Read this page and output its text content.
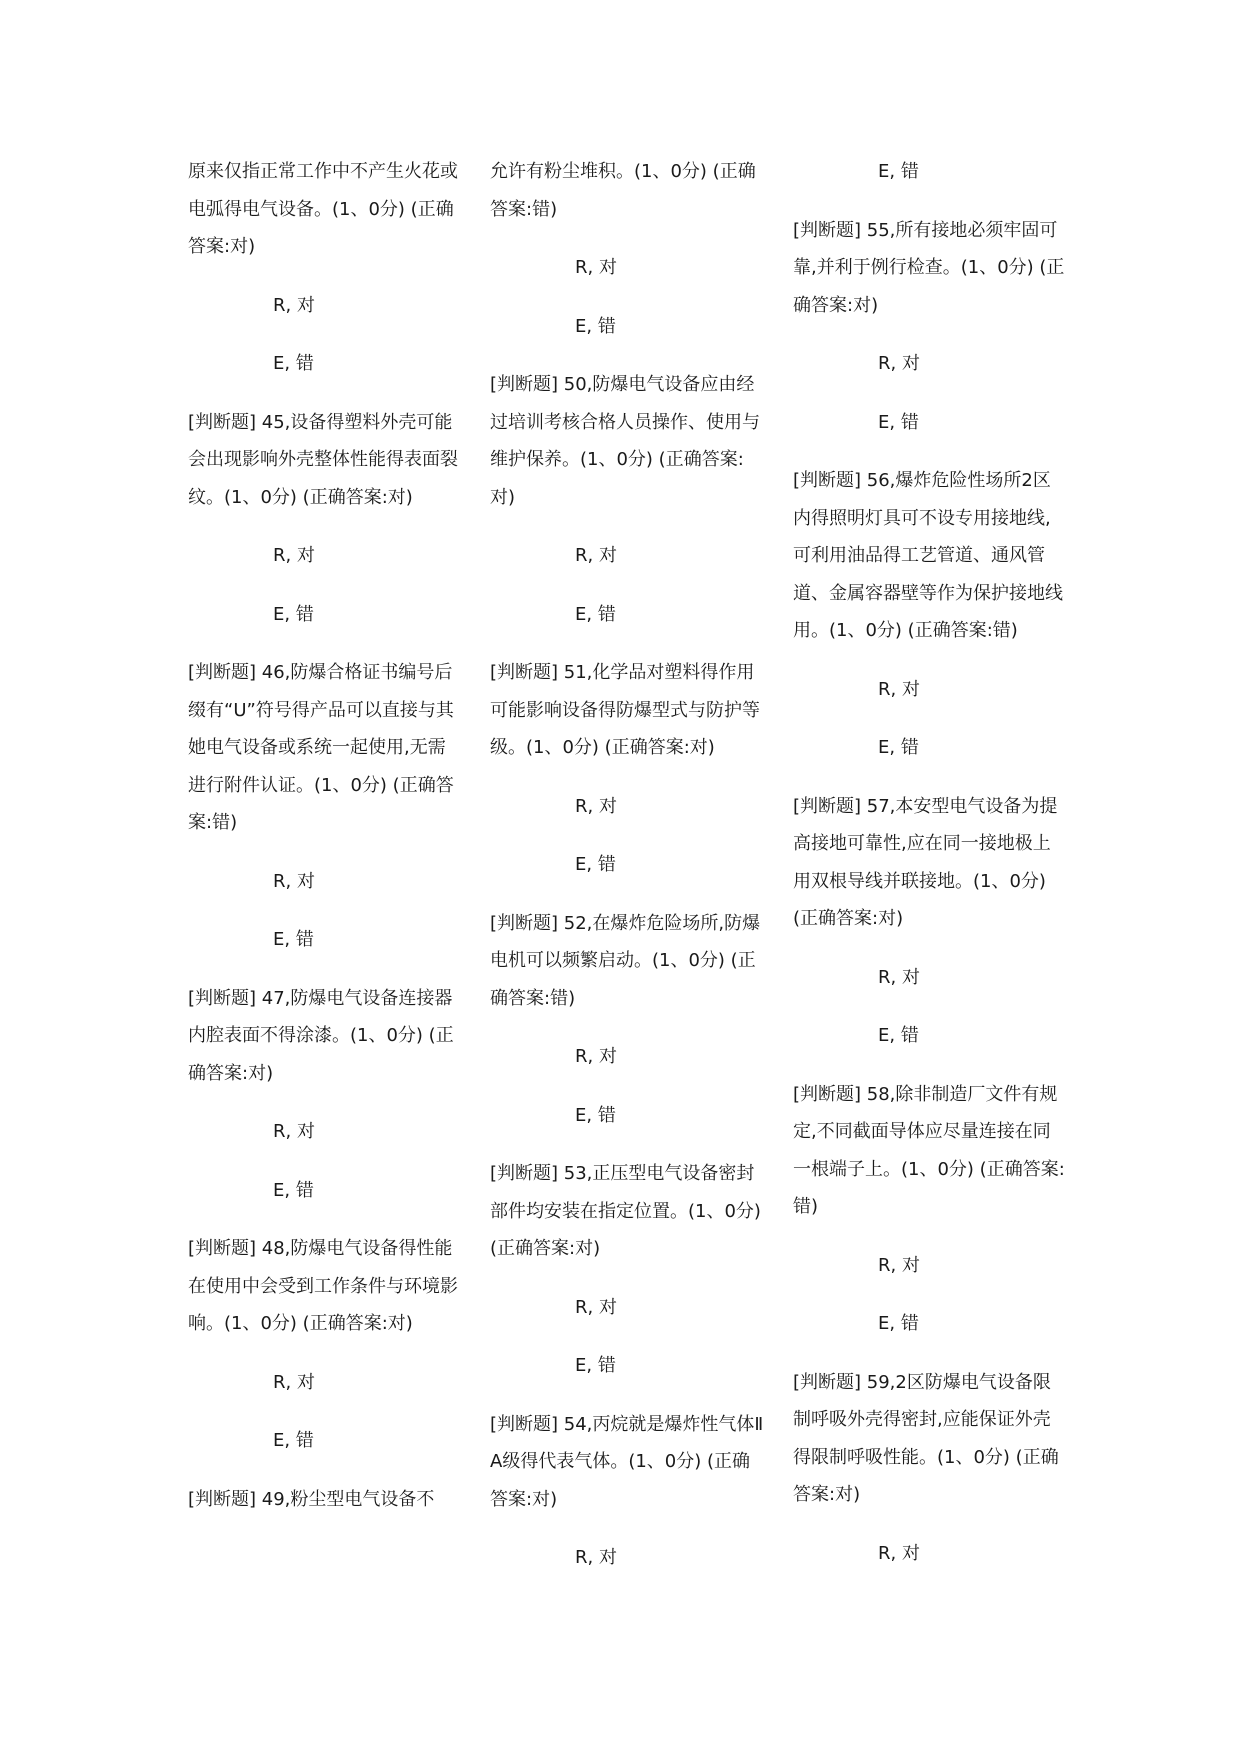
原来仅指正常工作中不产生火花或电弧得电气设备。(1、0分) (正确答案:对)

R, 对

E, 错

[判断题] 45,设备得塑料外壳可能会出现影响外壳整体性能得表面裂纹。(1、0分) (正确答案:对)

R, 对

E, 错

[判断题] 46,防爆合格证书编号后缀有“U”符号得产品可以直接与其她电气设备或系统一起使用,无需进行附件认证。(1、0分) (正确答案:错)

R, 对

E, 错

[判断题] 47,防爆电气设备连接器内腔表面不得涂漆。(1、0分) (正确答案:对)

R, 对

E, 错

[判断题] 48,防爆电气设备得性能在使用中会受到工作条件与环境影响。(1、0分) (正确答案:对)

R, 对

E, 错

[判断题] 49,粉尘型电气设备不

允许有粉尘堆积。(1、0分) (正确答案:错)

R, 对

E, 错

[判断题] 50,防爆电气设备应由经过培训考核合格人员操作、使用与维护保养。(1、0分) (正确答案:对)

R, 对

E, 错

[判断题] 51,化学品对塑料得作用可能影响设备得防爆型式与防护等级。(1、0分) (正确答案:对)

R, 对

E, 错

[判断题] 52,在爆炸危险场所,防爆电机可以频繁启动。(1、0分) (正确答案:错)

R, 对

E, 错

[判断题] 53,正压型电气设备密封部件均安装在指定位置。(1、0分) (正确答案:对)

R, 对

E, 错

[判断题] 54,丙烷就是爆炸性气体ⅡA级得代表气体。(1、0分) (正确答案:对)

R, 对

E, 错

[判断题] 55,所有接地必须牢固可靠,并利于例行检查。(1、0分) (正确答案:对)

R, 对

E, 错

[判断题] 56,爆炸危险性场所2区内得照明灯具可不设专用接地线,可利用油品得工艺管道、通风管道、金属容器壁等作为保护接地线用。(1、0分) (正确答案:错)

R, 对

E, 错

[判断题] 57,本安型电气设备为提高接地可靠性,应在同一接地极上用双根导线并联接地。(1、0分) (正确答案:对)

R, 对

E, 错

[判断题] 58,除非制造厂文件有规定,不同截面导体应尽量连接在同一根端子上。(1、0分) (正确答案:错)

R, 对

E, 错

[判断题] 59,2区防爆电气设备限制呼吸外壳得密封,应能保证外壳得限制呼吸性能。(1、0分) (正确答案:对)

R, 对
